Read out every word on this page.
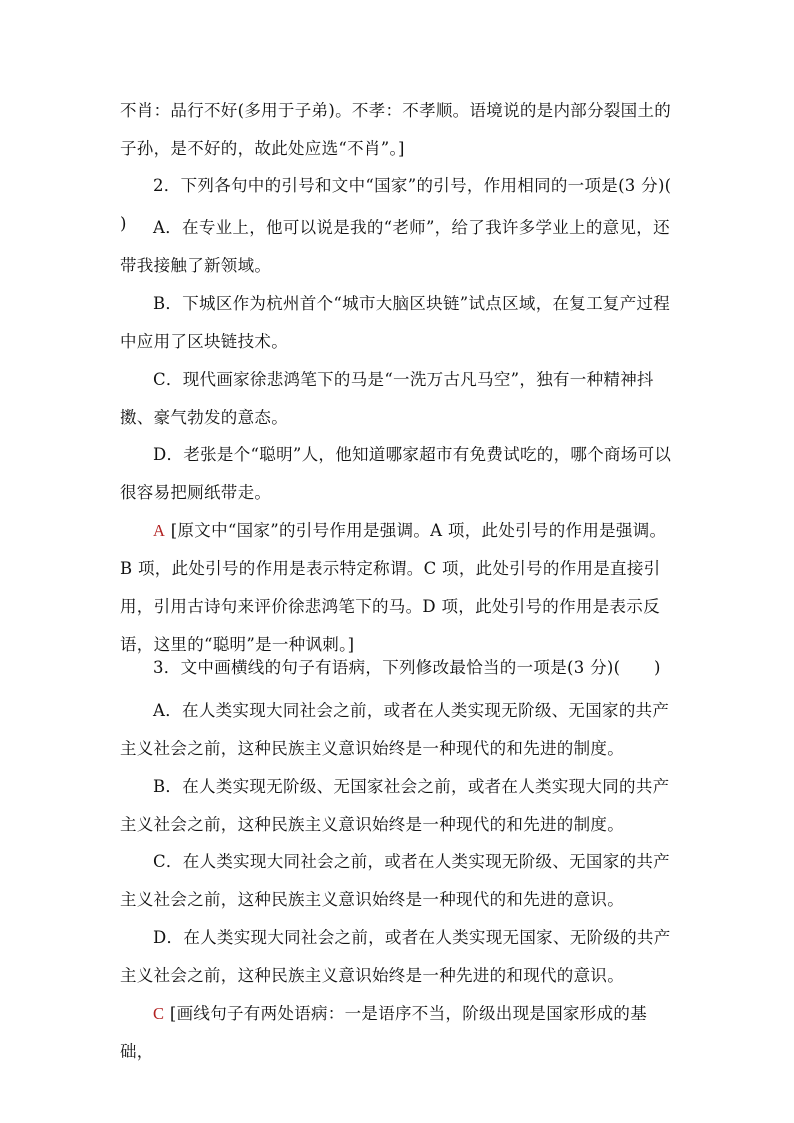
不肖：品行不好(多用于子弟)。不孝：不孝顺。语境说的是内部分裂国土的子孙，是不好的，故此处应选“不肖”。]

2．下列各句中的引号和文中“国家”的引号，作用相同的一项是(3 分)(　　)	A．在专业上，他可以说是我的“老师”，给了我许多学业上的意见，还带我接触了新领域。

B．下城区作为杭州首个“城市大脑区块链”试点区域，在复工复产过程中应用了区块链技术。

C．现代画家徐悲鸿笔下的马是“一洗万古凡马空”，独有一种精神抖擞、豪气勃发的意态。

D．老张是个“聪明”人，他知道哪家超市有免费试吃的，哪个商场可以很容易把厕纸带走。

A [原文中“国家”的引号作用是强调。A 项，此处引号的作用是强调。B 项，此处引号的作用是表示特定称谓。C 项，此处引号的作用是直接引用，引用古诗句来评价徐悲鸿笔下的马。D 项，此处引号的作用是表示反语，这里的“聪明”是一种讽刺。]

3．文中画横线的句子有语病，下列修改最恰当的一项是(3 分)(　　)

A．在人类实现大同社会之前，或者在人类实现无阶级、无国家的共产主义社会之前，这种民族主义意识始终是一种现代的和先进的制度。

B．在人类实现无阶级、无国家社会之前，或者在人类实现大同的共产主义社会之前，这种民族主义意识始终是一种现代的和先进的制度。

C．在人类实现大同社会之前，或者在人类实现无阶级、无国家的共产主义社会之前，这种民族主义意识始终是一种现代的和先进的意识。

D．在人类实现大同社会之前，或者在人类实现无国家、无阶级的共产主义社会之前，这种民族主义意识始终是一种先进的和现代的意识。

C [画线句子有两处语病：一是语序不当，阶级出现是国家形成的基础，
